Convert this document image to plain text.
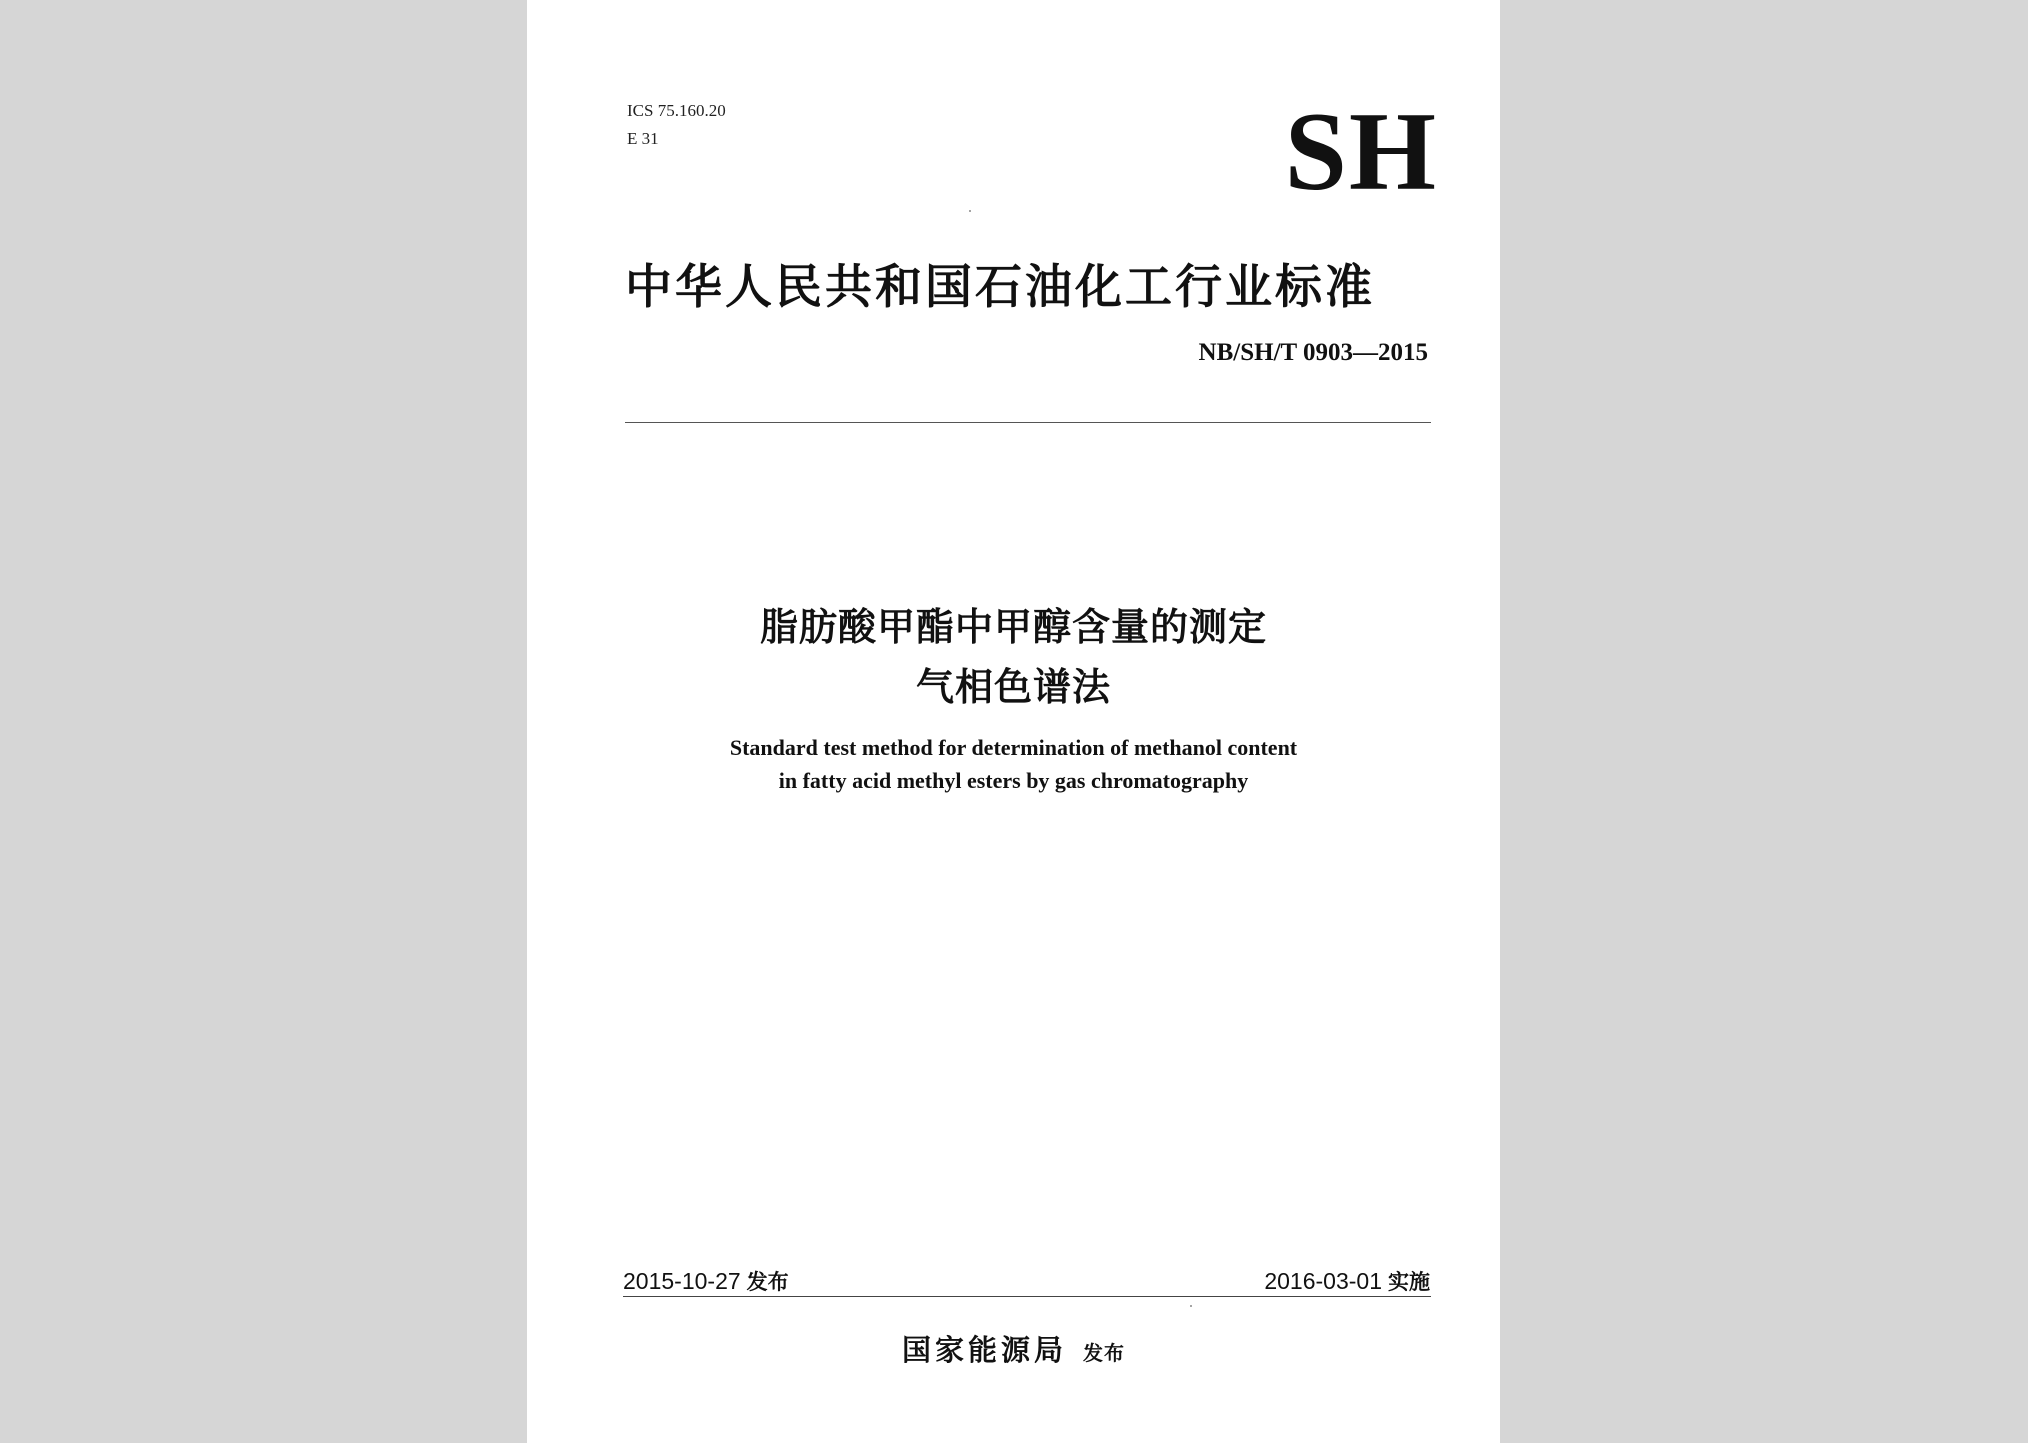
ICS 75.160.20
E 31	SH
中华人民共和国石油化工行业标准
NB/SH/T 0903—2015
脂肪酸甲酯中甲醇含量的测定
气相色谱法
Standard test method for determination of methanol content
in fatty acid methyl esters by gas chromatography
2015-10-27 发布	2016-03-01 实施
国家能源局 发布
